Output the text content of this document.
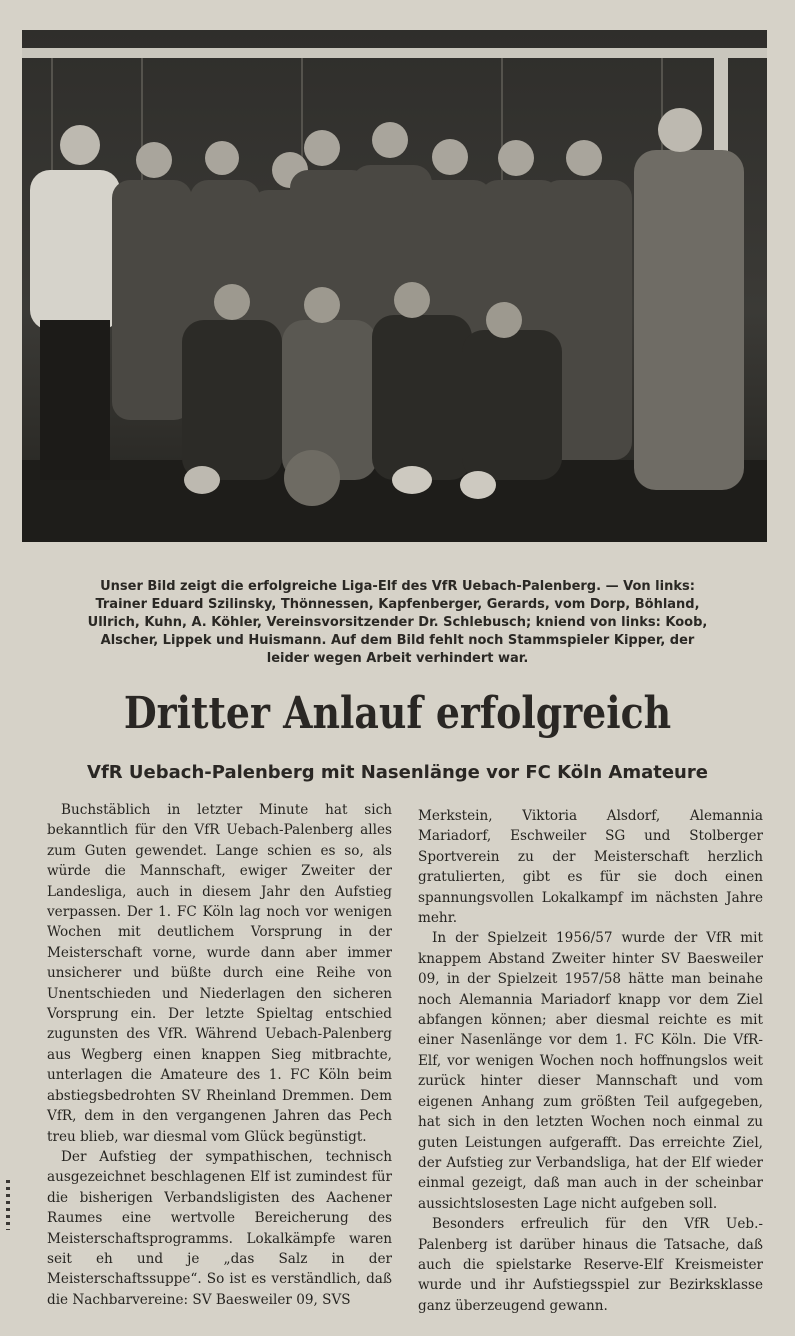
Unser Bild zeigt die erfolgreiche Liga-Elf des VfR Uebach-Palenberg. — Von links:

Trainer Eduard Szilinsky, Thönnessen, Kapfenberger, Gerards, vom Dorp, Böhland,

Ullrich, Kuhn, A. Köhler, Vereinsvorsitzender Dr. Schlebusch; kniend von links: Koob,

Alscher, Lippek und Huismann. Auf dem Bild fehlt noch Stammspieler Kipper, der

leider wegen Arbeit verhindert war.

Dritter Anlauf erfolgreich
VfR Uebach-Palenberg mit Nasenlänge vor FC Köln Amateure

Buchstäblich in letzter Minute hat sich bekanntlich für den VfR Uebach-Palenberg alles zum Guten gewendet. Lange schien es so, als würde die Mannschaft, ewiger Zweiter der Landesliga, auch in diesem Jahr den Aufstieg verpassen. Der 1. FC Köln lag noch vor wenigen Wochen mit deutlichem Vorsprung in der Meisterschaft vorne, wurde dann aber immer unsicherer und büßte durch eine Reihe von Unentschieden und Niederlagen den sicheren Vorsprung ein. Der letzte Spieltag entschied zugunsten des VfR. Während Uebach-Palenberg aus Wegberg einen knappen Sieg mitbrachte, unterlagen die Amateure des 1. FC Köln beim abstiegsbedrohten SV Rheinland Dremmen. Dem VfR, dem in den vergangenen Jahren das Pech treu blieb, war diesmal vom Glück begünstigt.

Der Aufstieg der sympathischen, technisch ausgezeichnet beschlagenen Elf ist zumindest für die bisherigen Verbandsligisten des Aachener Raumes eine wertvolle Bereicherung des Meisterschaftsprogramms. Lokalkämpfe waren seit eh und je „das Salz in der Meisterschaftssuppe“. So ist es verständlich, daß die Nachbarvereine: SV Baesweiler 09, SVS

Merkstein, Viktoria Alsdorf, Alemannia Mariadorf, Eschweiler SG und Stolberger Sportverein zu der Meisterschaft herzlich gratulierten, gibt es für sie doch einen spannungsvollen Lokalkampf im nächsten Jahre mehr.

In der Spielzeit 1956/57 wurde der VfR mit knappem Abstand Zweiter hinter SV Baesweiler 09, in der Spielzeit 1957/58 hätte man beinahe noch Alemannia Mariadorf knapp vor dem Ziel abfangen können; aber diesmal reichte es mit einer Nasenlänge vor dem 1. FC Köln. Die VfR-Elf, vor wenigen Wochen noch hoffnungslos weit zurück hinter dieser Mannschaft und vom eigenen Anhang zum größten Teil aufgegeben, hat sich in den letzten Wochen noch einmal zu guten Leistungen aufgerafft. Das erreichte Ziel, der Aufstieg zur Verbandsliga, hat der Elf wieder einmal gezeigt, daß man auch in der scheinbar aussichtslosesten Lage nicht aufgeben soll.

Besonders erfreulich für den VfR Ueb.-Palenberg ist darüber hinaus die Tatsache, daß auch die spielstarke Reserve-Elf Kreismeister wurde und ihr Aufstiegsspiel zur Bezirksklasse ganz überzeugend gewann.
